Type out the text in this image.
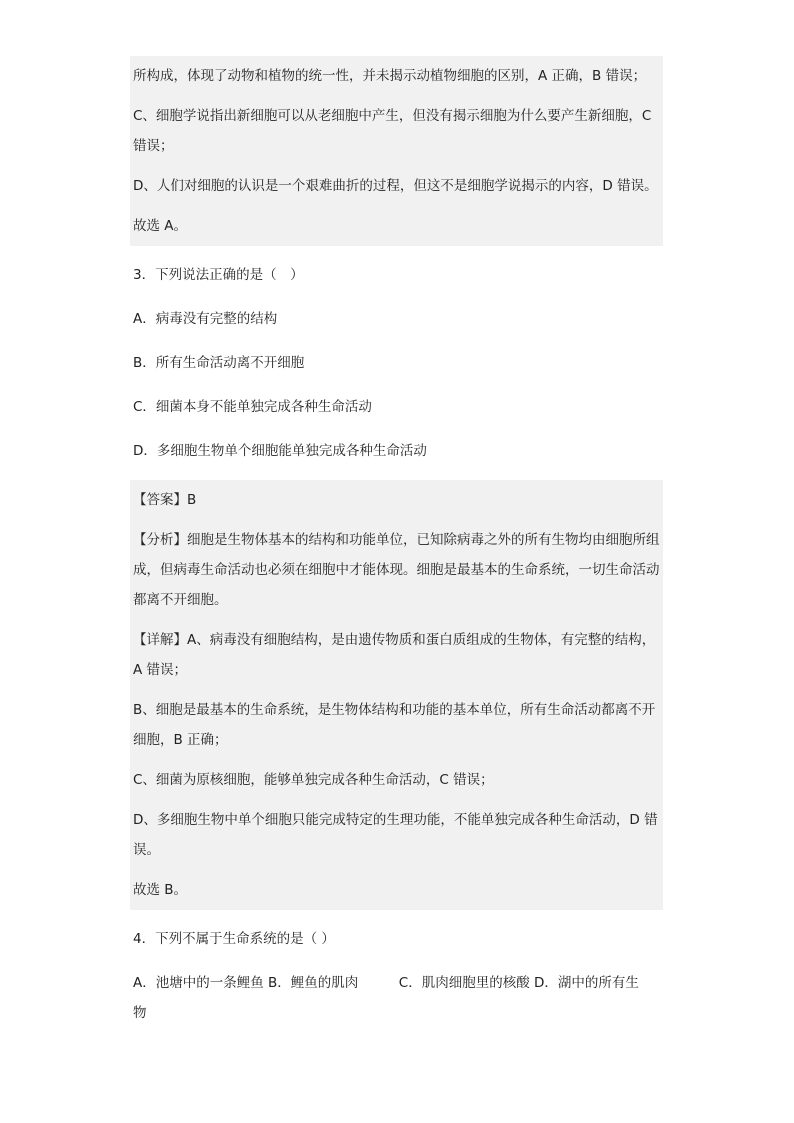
所构成，体现了动物和植物的统一性，并未揭示动植物细胞的区别，A 正确，B 错误；

C、细胞学说指出新细胞可以从老细胞中产生，但没有揭示细胞为什么要产生新细胞，C 错误；

D、人们对细胞的认识是一个艰难曲折的过程，但这不是细胞学说揭示的内容，D 错误。

故选 A。

3．下列说法正确的是（　）

A．病毒没有完整的结构

B．所有生命活动离不开细胞

C．细菌本身不能单独完成各种生命活动

D．多细胞生物单个细胞能单独完成各种生命活动

【答案】B

【分析】细胞是生物体基本的结构和功能单位，已知除病毒之外的所有生物均由细胞所组成，但病毒生命活动也必须在细胞中才能体现。细胞是最基本的生命系统，一切生命活动都离不开细胞。

【详解】A、病毒没有细胞结构，是由遗传物质和蛋白质组成的生物体，有完整的结构，A 错误；

B、细胞是最基本的生命系统，是生物体结构和功能的基本单位，所有生命活动都离不开细胞，B 正确；

C、细菌为原核细胞，能够单独完成各种生命活动，C 错误；

D、多细胞生物中单个细胞只能完成特定的生理功能，不能单独完成各种生命活动，D 错误。

故选 B。

4．下列不属于生命系统的是（ ）

A．池塘中的一条鲤鱼 B．鲤鱼的肌肉　　　C．肌肉细胞里的核酸 D．湖中的所有生

物
